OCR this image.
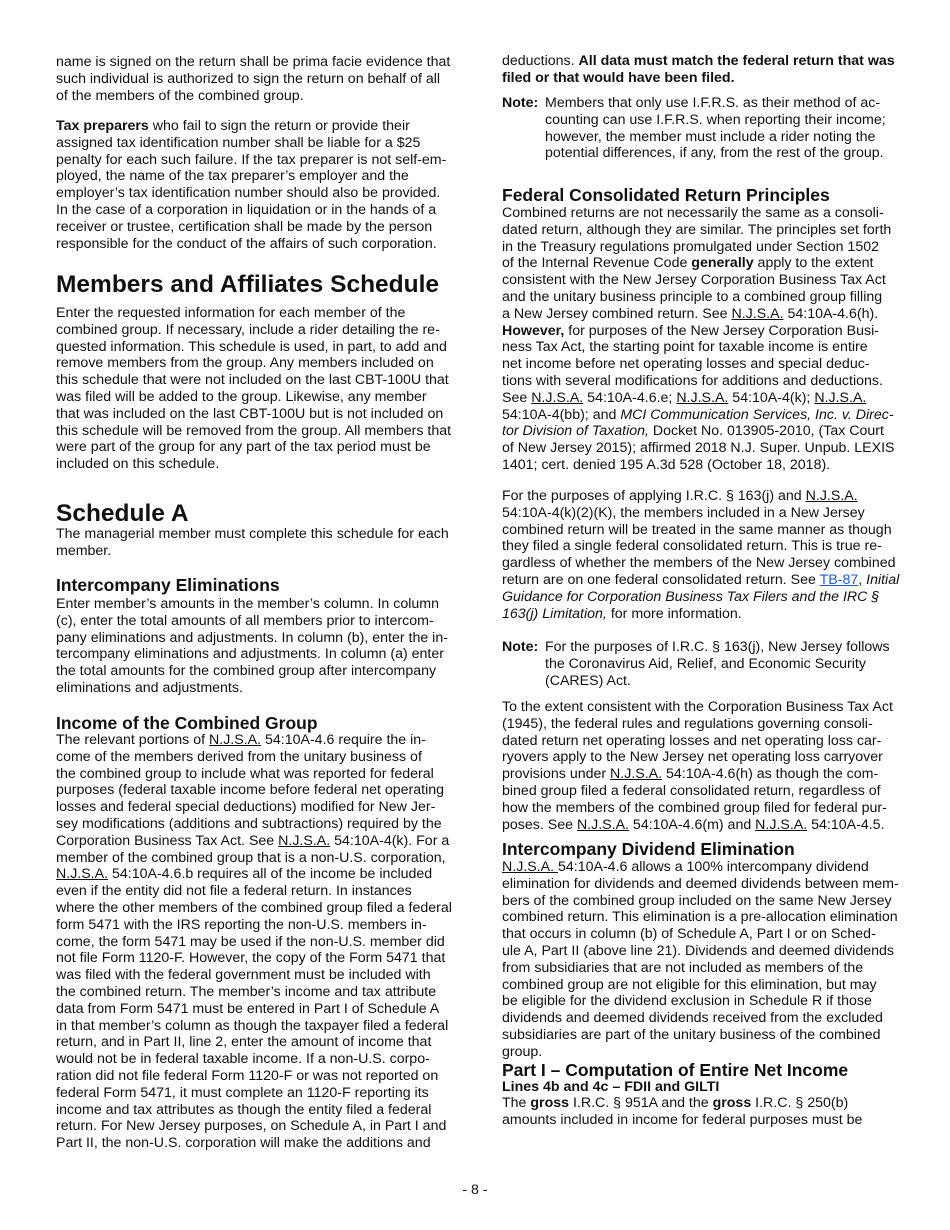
name is signed on the return shall be prima facie evidence that
such individual is authorized to sign the return on behalf of all
of the members of the combined group.
Tax preparers who fail to sign the return or provide their
assigned tax identification number shall be liable for a $25
penalty for each such failure. If the tax preparer is not self-em-
ployed, the name of the tax preparer’s employer and the
employer’s tax identification number should also be provided.
In the case of a corporation in liquidation or in the hands of a
receiver or trustee, certification shall be made by the person
responsible for the conduct of the affairs of such corporation.
Members and Affiliates Schedule
Enter the requested information for each member of the
combined group. If necessary, include a rider detailing the re-
quested information. This schedule is used, in part, to add and
remove members from the group. Any members included on
this schedule that were not included on the last CBT-100U that
was filed will be added to the group. Likewise, any member
that was included on the last CBT-100U but is not included on
this schedule will be removed from the group. All members that
were part of the group for any part of the tax period must be
included on this schedule.
Schedule A
The managerial member must complete this schedule for each
member.
Intercompany Eliminations
Enter member’s amounts in the member’s column. In column
(c), enter the total amounts of all members prior to intercom-
pany eliminations and adjustments. In column (b), enter the in-
tercompany eliminations and adjustments. In column (a) enter
the total amounts for the combined group after intercompany
eliminations and adjustments.
Income of the Combined Group
The relevant portions of N.J.S.A. 54:10A-4.6 require the in-
come of the members derived from the unitary business of
the combined group to include what was reported for federal
purposes (federal taxable income before federal net operating
losses and federal special deductions) modified for New Jer-
sey modifications (additions and subtractions) required by the
Corporation Business Tax Act. See N.J.S.A. 54:10A-4(k). For a
member of the combined group that is a non-U.S. corporation,
N.J.S.A. 54:10A-4.6.b requires all of the income be included
even if the entity did not file a federal return. In instances
where the other members of the combined group filed a federal
form 5471 with the IRS reporting the non-U.S. members in-
come, the form 5471 may be used if the non-U.S. member did
not file Form 1120-F. However, the copy of the Form 5471 that
was filed with the federal government must be included with
the combined return. The member’s income and tax attribute
data from Form 5471 must be entered in Part I of Schedule A
in that member’s column as though the taxpayer filed a federal
return, and in Part II, line 2, enter the amount of income that
would not be in federal taxable income. If a non-U.S. corpo-
ration did not file federal Form 1120-F or was not reported on
federal Form 5471, it must complete an 1120-F reporting its
income and tax attributes as though the entity filed a federal
return. For New Jersey purposes, on Schedule A, in Part I and
Part II, the non-U.S. corporation will make the additions and
deductions. All data must match the federal return that was
filed or that would have been filed.
Note: Members that only use I.F.R.S. as their method of ac-
counting can use I.F.R.S. when reporting their income;
however, the member must include a rider noting the
potential differences, if any, from the rest of the group.
Federal Consolidated Return Principles
Combined returns are not necessarily the same as a consoli-
dated return, although they are similar. The principles set forth
in the Treasury regulations promulgated under Section 1502
of the Internal Revenue Code generally apply to the extent
consistent with the New Jersey Corporation Business Tax Act
and the unitary business principle to a combined group filling
a New Jersey combined return. See N.J.S.A. 54:10A-4.6(h).
However, for purposes of the New Jersey Corporation Busi-
ness Tax Act, the starting point for taxable income is entire
net income before net operating losses and special deduc-
tions with several modifications for additions and deductions.
See N.J.S.A. 54:10A-4.6.e; N.J.S.A. 54:10A-4(k); N.J.S.A.
54:10A-4(bb); and MCI Communication Services, Inc. v. Direc-
tor Division of Taxation, Docket No. 013905-2010, (Tax Court
of New Jersey 2015); affirmed 2018 N.J. Super. Unpub. LEXIS
1401; cert. denied 195 A.3d 528 (October 18, 2018).
For the purposes of applying I.R.C. § 163(j) and N.J.S.A.
54:10A-4(k)(2)(K), the members included in a New Jersey
combined return will be treated in the same manner as though
they filed a single federal consolidated return. This is true re-
gardless of whether the members of the New Jersey combined
return are on one federal consolidated return. See TB-87, Initial
Guidance for Corporation Business Tax Filers and the IRC §
163(j) Limitation, for more information.
Note: For the purposes of I.R.C. § 163(j), New Jersey follows
the Coronavirus Aid, Relief, and Economic Security
(CARES) Act.
To the extent consistent with the Corporation Business Tax Act
(1945), the federal rules and regulations governing consoli-
dated return net operating losses and net operating loss car-
ryovers apply to the New Jersey net operating loss carryover
provisions under N.J.S.A. 54:10A-4.6(h) as though the com-
bined group filed a federal consolidated return, regardless of
how the members of the combined group filed for federal pur-
poses. See N.J.S.A. 54:10A-4.6(m) and N.J.S.A. 54:10A-4.5.
Intercompany Dividend Elimination
N.J.S.A. 54:10A-4.6 allows a 100% intercompany dividend
elimination for dividends and deemed dividends between mem-
bers of the combined group included on the same New Jersey
combined return. This elimination is a pre-allocation elimination
that occurs in column (b) of Schedule A, Part I or on Sched-
ule A, Part II (above line 21). Dividends and deemed dividends
from subsidiaries that are not included as members of the
combined group are not eligible for this elimination, but may
be eligible for the dividend exclusion in Schedule R if those
dividends and deemed dividends received from the excluded
subsidiaries are part of the unitary business of the combined
group.
Part I – Computation of Entire Net Income
Lines 4b and 4c – FDII and GILTI
The gross I.R.C. § 951A and the gross I.R.C. § 250(b)
amounts included in income for federal purposes must be
- 8 -
